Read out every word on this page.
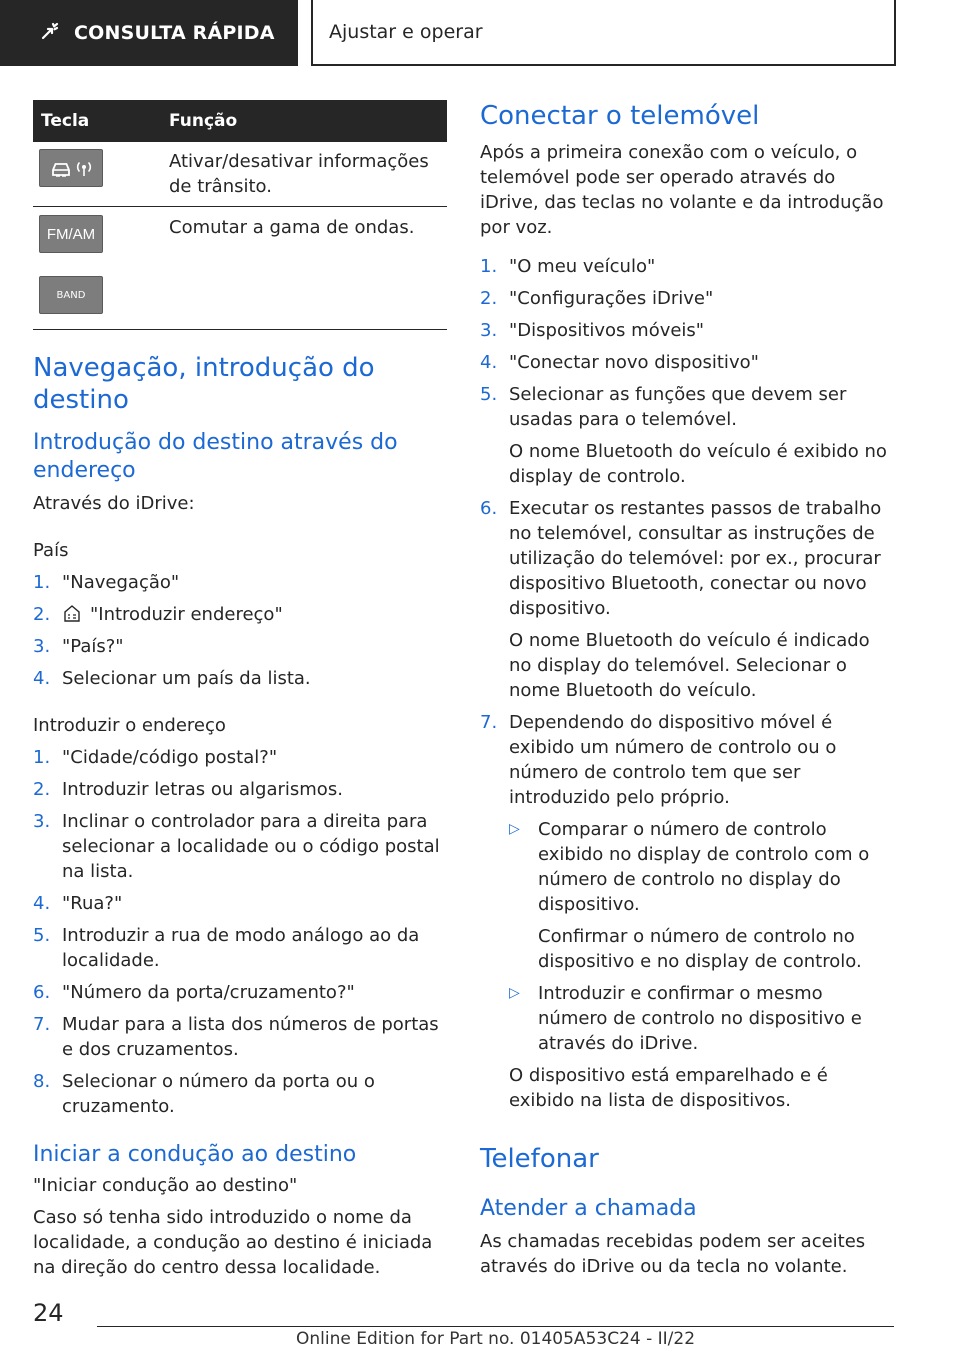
CONSULTA RÁPIDA	Ajustar e operar
Tecla	Função
Ativar/desativar informações de trânsito.
FM/AM
BAND
Comutar a gama de ondas.
Navegação, introdução do destino
Introdução do destino através do endereço

Através do iDrive:

País

1. "Navegação"
2. "Introduzir endereço"
3. "País?"
4. Selecionar um país da lista.

Introduzir o endereço

1. "Cidade/código postal?"
2. Introduzir letras ou algarismos.
3. Inclinar o controlador para a direita para selecionar a localidade ou o código postal na lista.
4. "Rua?"
5. Introduzir a rua de modo análogo ao da localidade.
6. "Número da porta/cruzamento?"
7. Mudar para a lista dos números de portas e dos cruzamentos.
8. Selecionar o número da porta ou o cruzamento.
Iniciar a condução ao destino

"Iniciar condução ao destino"

Caso só tenha sido introduzido o nome da localidade, a condução ao destino é iniciada na direção do centro dessa localidade.

Conectar o telemóvel

Após a primeira conexão com o veículo, o telemóvel pode ser operado através do iDrive, das teclas no volante e da introdução por voz.

1. "O meu veículo"
2. "Configurações iDrive"
3. "Dispositivos móveis"
4. "Conectar novo dispositivo"
5. Selecionar as funções que devem ser usadas para o telemóvel.

O nome Bluetooth do veículo é exibido no display de controlo.

6. Executar os restantes passos de trabalho no telemóvel, consultar as instruções de utilização do telemóvel: por ex., procurar dispositivo Bluetooth, conectar ou novo dispositivo.

O nome Bluetooth do veículo é indicado no display do telemóvel. Selecionar o nome Bluetooth do veículo.

7. Dependendo do dispositivo móvel é exibido um número de controlo ou o número de controlo tem que ser introduzido pelo próprio.
▷ Comparar o número de controlo exibido no display de controlo com o número de controlo no display do dispositivo.

Confirmar o número de controlo no dispositivo e no display de controlo.

▷ Introduzir e confirmar o mesmo número de controlo no dispositivo e através do iDrive.

O dispositivo está emparelhado e é exibido na lista de dispositivos.

Telefonar
Atender a chamada

As chamadas recebidas podem ser aceites através do iDrive ou da tecla no volante.

24
Online Edition for Part no. 01405A53C24 - II/22
